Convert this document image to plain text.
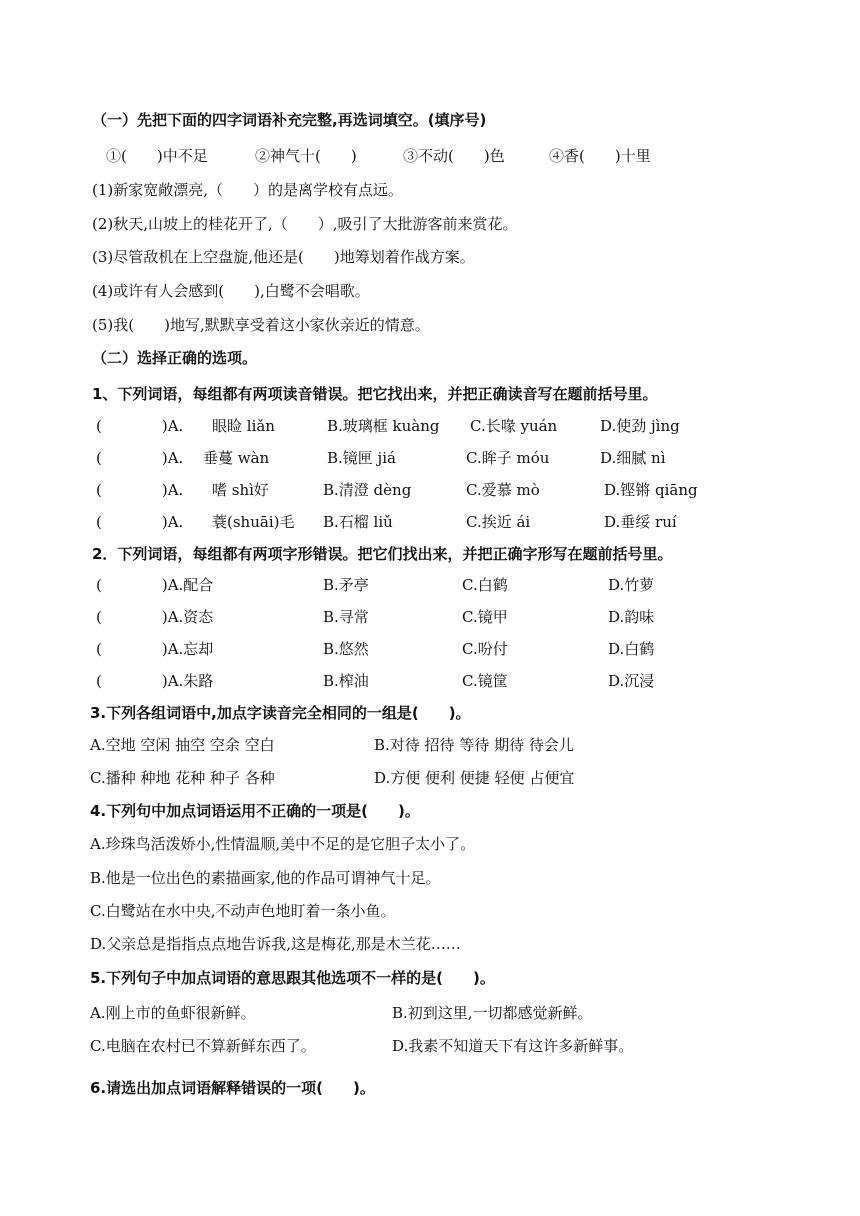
（一）先把下面的四字词语补充完整,再选词填空。(填序号)
①(　　)中不足	②神气十(　　)	③不动(　　)色	④香(　　)十里
(1)新家宽敞漂亮,（　　）的是离学校有点远。
(2)秋天,山坡上的桂花开了,（　　）,吸引了大批游客前来赏花。
(3)尽管敌机在上空盘旋,他还是(　　)地筹划着作战方案。
(4)或许有人会感到(　　),白鹭不会唱歌。
(5)我(　　)地写,默默享受着这小家伙亲近的情意。
（二）选择正确的选项。
1、下列词语，每组都有两项读音错误。把它找出来，并把正确读音写在题前括号里。
(　　　　)A. 眼睑 liǎn	B.玻璃框 kuàng C.长喙 yuán	D.使劲 jìng
(　　　　)A. 垂蔓 wàn	B.镜匣 jiá	C.眸子 móu	D.细腻 nì
(　　　　)A. 嗜 shì好	B.清澄 dèng	C.爱慕 mò	D.铿锵 qiāng
(　　　　)A. 蓑(shuāi)毛 B.石榴 liǔ	C.挨近 ái	D.垂绥 ruí
2．下列词语，每组都有两项字形错误。把它们找出来，并把正确字形写在题前括号里。
(　　　　)A.配合	B.矛亭	C.白鹤	D.竹萝
(　　　　)A.资态	B.寻常	C.镜甲	D.韵味
(　　　　)A.忘却	B.悠然	C.吩付	D.白鹤
(　　　　)A.朱路	B.榨油	C.镜筐	D.沉浸
3.下列各组词语中,加点字读音完全相同的一组是(　　)。
A.空地 空闲 抽空 空余 空白	B.对待 招待 等待 期待 待会儿
C.播种 种地 花种 种子 各种	D.方便 便利 便捷 轻便 占便宜
4.下列句中加点词语运用不正确的一项是(　　)。
A.珍珠鸟活泼娇小,性情温顺,美中不足的是它胆子太小了。
B.他是一位出色的素描画家,他的作品可谓神气十足。
C.白鹭站在水中央,不动声色地盯着一条小鱼。
D.父亲总是指指点点地告诉我,这是梅花,那是木兰花……
5.下列句子中加点词语的意思跟其他选项不一样的是(　　)。
A.刚上市的鱼虾很新鲜。	B.初到这里,一切都感觉新鲜。
C.电脑在农村已不算新鲜东西了。	D.我素不知道天下有这许多新鲜事。
6.请选出加点词语解释错误的一项(　　)。
